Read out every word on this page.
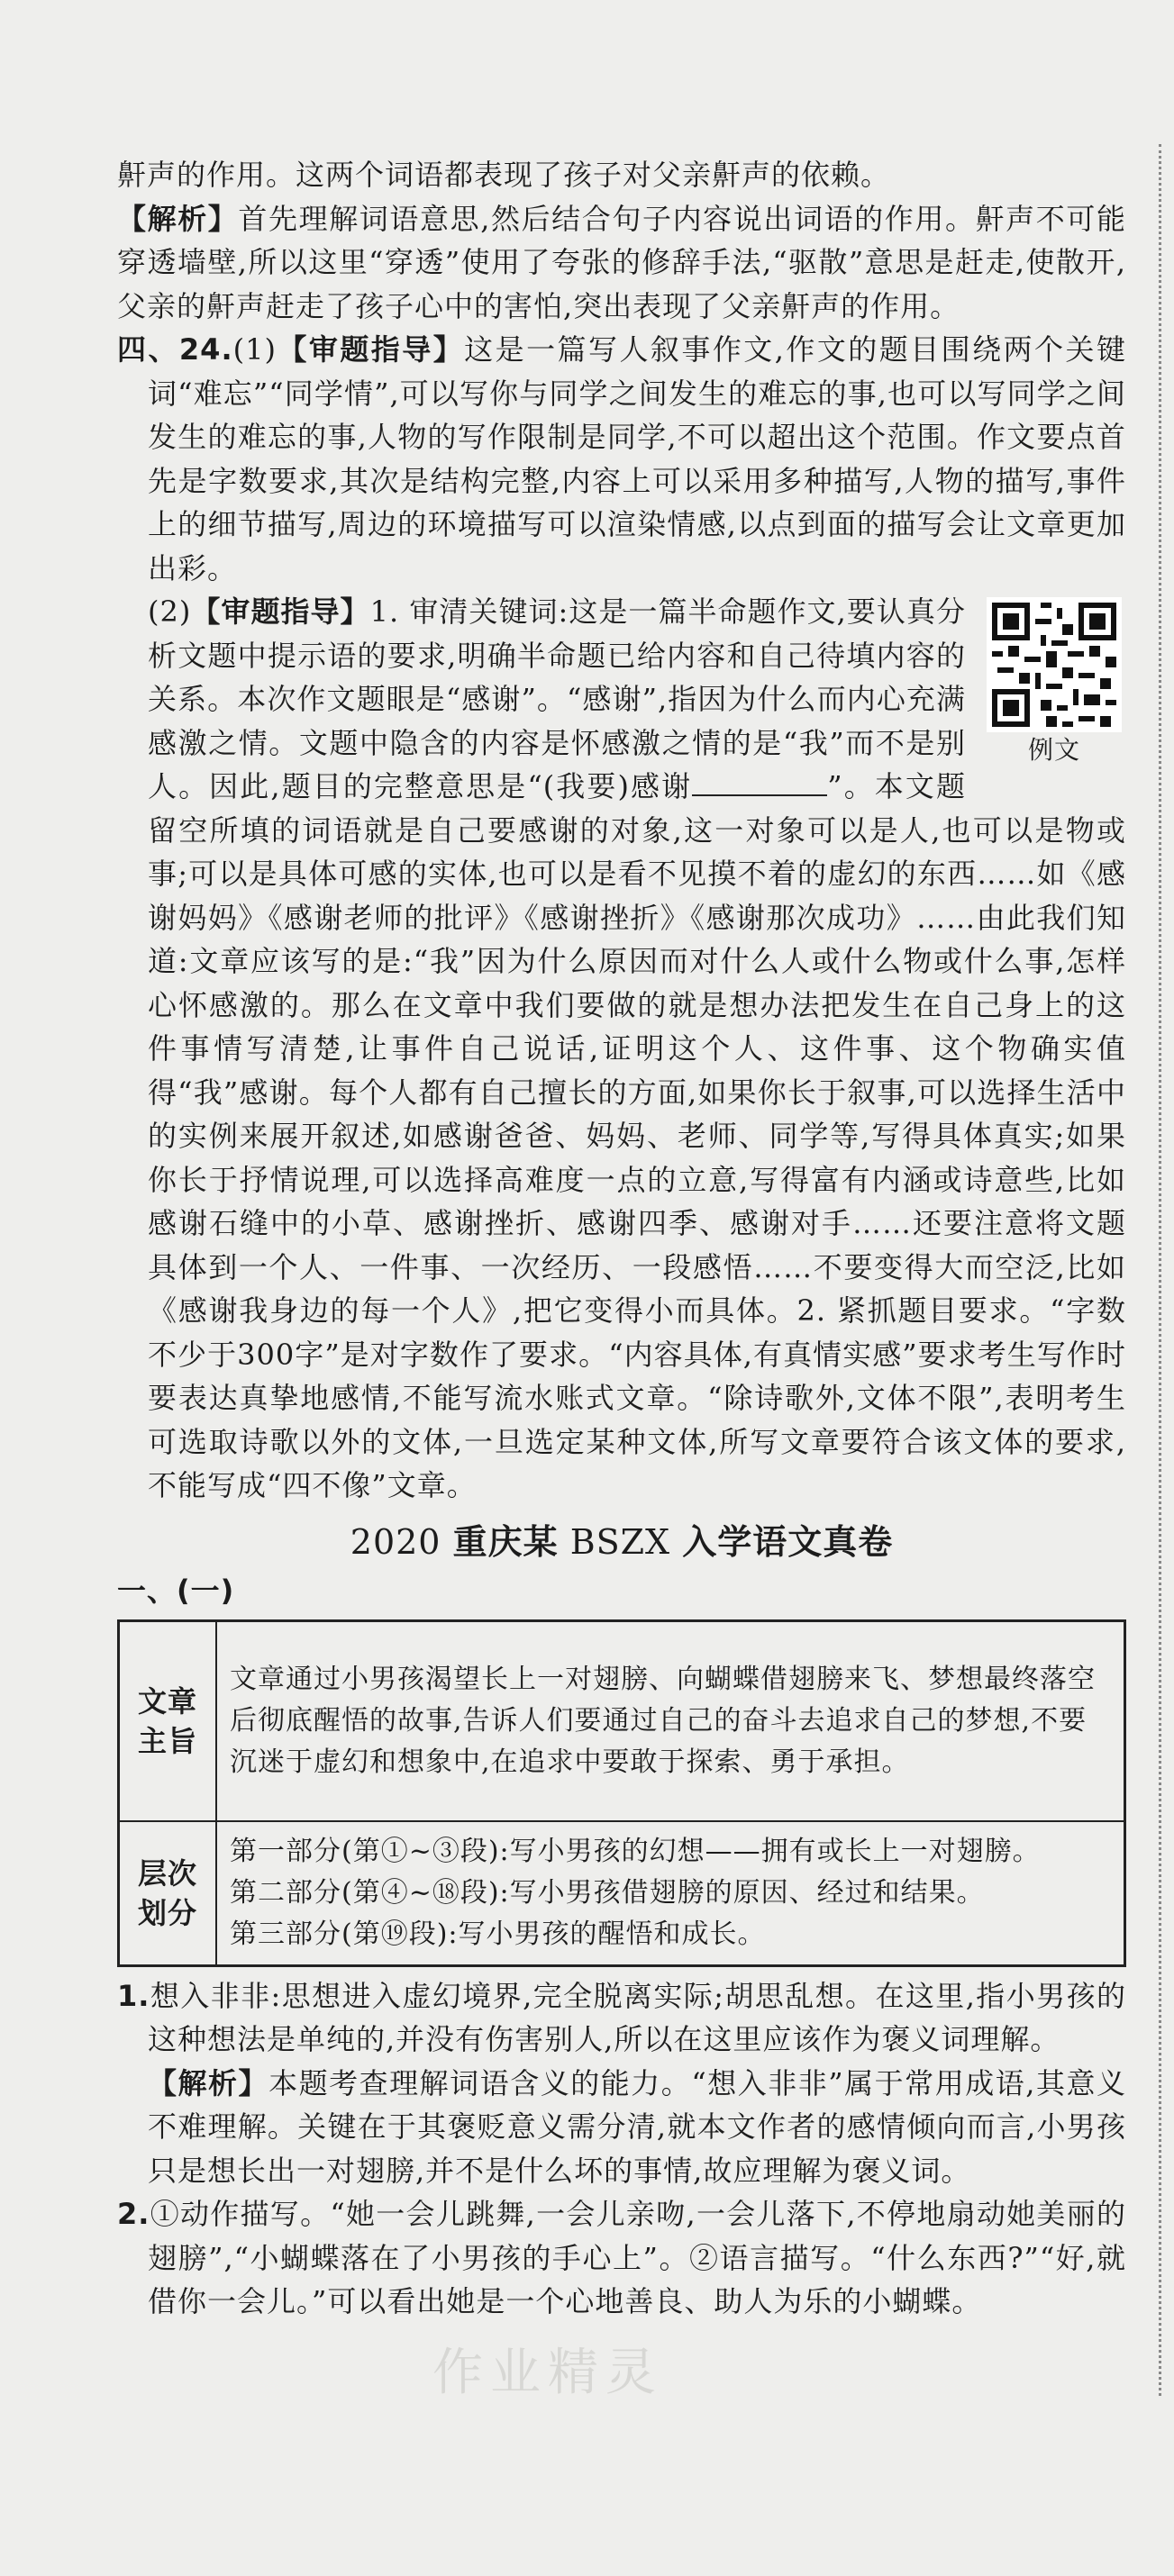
鼾声的作用。这两个词语都表现了孩子对父亲鼾声的依赖。
【解析】首先理解词语意思,然后结合句子内容说出词语的作用。鼾声不可能穿透墙壁,所以这里“穿透”使用了夸张的修辞手法,“驱散”意思是赶走,使散开,父亲的鼾声赶走了孩子心中的害怕,突出表现了父亲鼾声的作用。

四、24.(1)【审题指导】这是一篇写人叙事作文,作文的题目围绕两个关键词“难忘”“同学情”,可以写你与同学之间发生的难忘的事,也可以写同学之间发生的难忘的事,人物的写作限制是同学,不可以超出这个范围。作文要点首先是字数要求,其次是结构完整,内容上可以采用多种描写,人物的描写,事件上的细节描写,周边的环境描写可以渲染情感,以点到面的描写会让文章更加出彩。

例文
(2)【审题指导】1. 审清关键词:这是一篇半命题作文,要认真分析文题中提示语的要求,明确半命题已给内容和自己待填内容的关系。本次作文题眼是“感谢”。“感谢”,指因为什么而内心充满感激之情。文题中隐含的内容是怀感激之情的是“我”而不是别人。因此,题目的完整意思是“(我要)感谢	”。本文题留空所填的词语就是自己要感谢的对象,这一对象可以是人,也可以是物或事;可以是具体可感的实体,也可以是看不见摸不着的虚幻的东西……如《感谢妈妈》《感谢老师的批评》《感谢挫折》《感谢那次成功》……由此我们知道:文章应该写的是:“我”因为什么原因而对什么人或什么物或什么事,怎样心怀感激的。那么在文章中我们要做的就是想办法把发生在自己身上的这件事情写清楚,让事件自己说话,证明这个人、这件事、这个物确实值得“我”感谢。每个人都有自己擅长的方面,如果你长于叙事,可以选择生活中的实例来展开叙述,如感谢爸爸、妈妈、老师、同学等,写得具体真实;如果你长于抒情说理,可以选择高难度一点的立意,写得富有内涵或诗意些,比如感谢石缝中的小草、感谢挫折、感谢四季、感谢对手……还要注意将文题具体到一个人、一件事、一次经历、一段感悟……不要变得大而空泛,比如《感谢我身边的每一个人》,把它变得小而具体。2. 紧抓题目要求。“字数不少于300字”是对字数作了要求。“内容具体,有真情实感”要求考生写作时要表达真挚地感情,不能写流水账式文章。“除诗歌外,文体不限”,表明考生可选取诗歌以外的文体,一旦选定某种文体,所写文章要符合该文体的要求,不能写成“四不像”文章。
2020 重庆某 BSZX 入学语文真卷

一、(一)

文章主旨	文章通过小男孩渴望长上一对翅膀、向蝴蝶借翅膀来飞、梦想最终落空后彻底醒悟的故事,告诉人们要通过自己的奋斗去追求自己的梦想,不要沉迷于虚幻和想象中,在追求中要敢于探索、勇于承担。
层次划分	第一部分(第①~③段):写小男孩的幻想——拥有或长上一对翅膀。
第二部分(第④~⑱段):写小男孩借翅膀的原因、经过和结果。
第三部分(第⑲段):写小男孩的醒悟和成长。

1.想入非非:思想进入虚幻境界,完全脱离实际;胡思乱想。在这里,指小男孩的这种想法是单纯的,并没有伤害别人,所以在这里应该作为褒义词理解。
【解析】本题考查理解词语含义的能力。“想入非非”属于常用成语,其意义不难理解。关键在于其褒贬意义需分清,就本文作者的感情倾向而言,小男孩只是想长出一对翅膀,并不是什么坏的事情,故应理解为褒义词。

2.①动作描写。“她一会儿跳舞,一会儿亲吻,一会儿落下,不停地扇动她美丽的翅膀”,“小蝴蝶落在了小男孩的手心上”。②语言描写。“什么东西?”“好,就借你一会儿。”可以看出她是一个心地善良、助人为乐的小蝴蝶。

作业精灵
